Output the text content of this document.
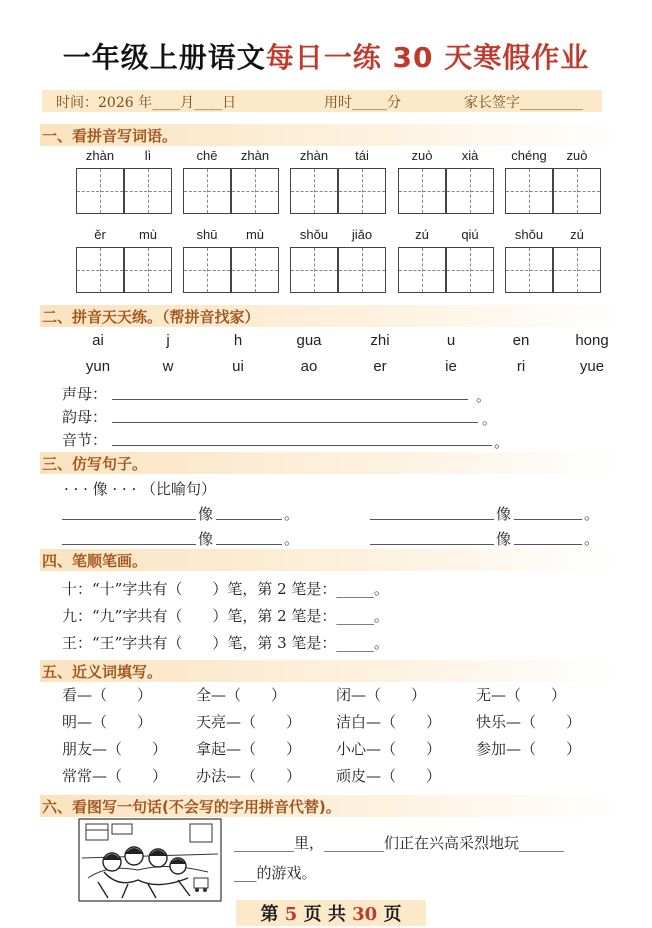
一年级上册语文每日一练 30 天寒假作业
时间：2026 年____月____日	用时_____分	家长签字_________
一、看拼音写词语。
zhàn	lì	chē	zhàn	zhàn	tái	zuò	xià	chéng	zuò
ěr	mù	shū	mù	shǒu	jiǎo	zú	qiú	shǒu	zú
二、拼音天天练。（帮拼音找家）
ai	j	h	gua	zhi	u	en	hong
yun	w	ui	ao	er	ie	ri	yue
声母：	。
韵母：	。
音节：	。
三、仿写句子。
· · · 像 · · · （比喻句）
像	。	像	。
像	。	像	。
四、笔顺笔画。
十：“十”字共有（　　）笔，第 2 笔是：_____。
九：“九”字共有（　　）笔，第 2 笔是：_____。
王：“王”字共有（　　）笔，第 3 笔是：_____。
五、近义词填写。
看—（　　）	全—（　　）	闭—（　　）	无—（　　）
明—（　　）	天亮—（　　） 洁白—（　　） 快乐—（　　）
朋友—（　　） 拿起—（　　） 小心—（　　） 参加—（　　）
常常—（　　） 办法—（　　） 顽皮—（　　）
六、看图写一句话(不会写的字用拼音代替)。
________里，________们正在兴高采烈地玩______
___的游戏。
第 5 页 共 30 页
